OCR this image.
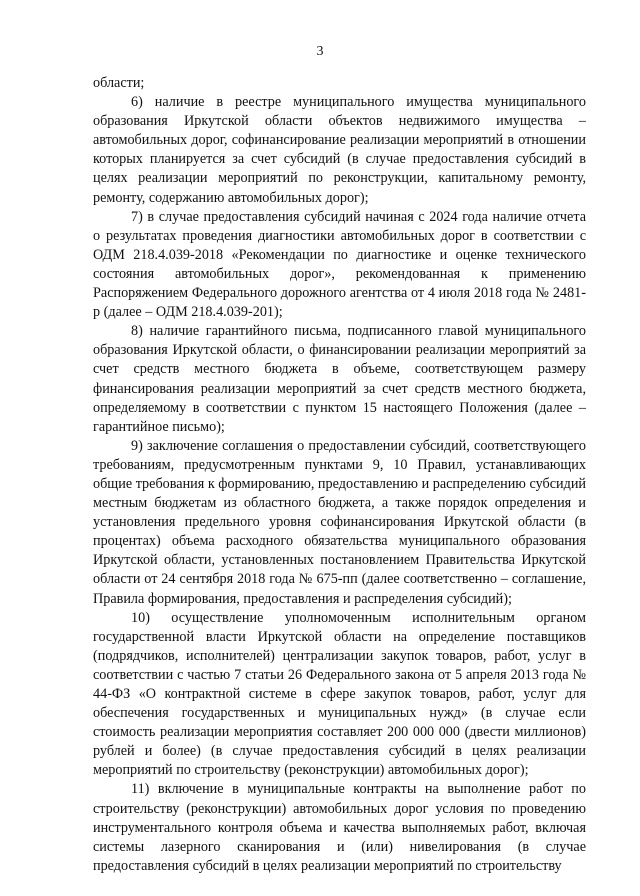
3

области;

6) наличие в реестре муниципального имущества муниципального образования Иркутской области объектов недвижимого имущества – автомобильных дорог, софинансирование реализации мероприятий в отношении которых планируется за счет субсидий (в случае предоставления субсидий в целях реализации мероприятий по реконструкции, капитальному ремонту, ремонту, содержанию автомобильных дорог);

7) в случае предоставления субсидий начиная с 2024 года наличие отчета о результатах проведения диагностики автомобильных дорог в соответствии с ОДМ 218.4.039-2018 «Рекомендации по диагностике и оценке технического состояния автомобильных дорог», рекомендованная к применению Распоряжением Федерального дорожного агентства от 4 июля 2018 года № 2481-р (далее – ОДМ 218.4.039-201);

8) наличие гарантийного письма, подписанного главой муниципального образования Иркутской области, о финансировании реализации мероприятий за счет средств местного бюджета в объеме, соответствующем размеру финансирования реализации мероприятий за счет средств местного бюджета, определяемому в соответствии с пунктом 15 настоящего Положения (далее – гарантийное письмо);

9) заключение соглашения о предоставлении субсидий, соответствующего требованиям, предусмотренным пунктами 9, 10 Правил, устанавливающих общие требования к формированию, предоставлению и распределению субсидий местным бюджетам из областного бюджета, а также порядок определения и установления предельного уровня софинансирования Иркутской области (в процентах) объема расходного обязательства муниципального образования Иркутской области, установленных постановлением Правительства Иркутской области от 24 сентября 2018 года № 675-пп (далее соответственно – соглашение, Правила формирования, предоставления и распределения субсидий);

10) осуществление уполномоченным исполнительным органом государственной власти Иркутской области на определение поставщиков (подрядчиков, исполнителей) централизации закупок товаров, работ, услуг в соответствии с частью 7 статьи 26 Федерального закона от 5 апреля 2013 года № 44-ФЗ «О контрактной системе в сфере закупок товаров, работ, услуг для обеспечения государственных и муниципальных нужд» (в случае если стоимость реализации мероприятия составляет 200 000 000 (двести миллионов) рублей и более) (в случае предоставления субсидий в целях реализации мероприятий по строительству (реконструкции) автомобильных дорог);

11) включение в муниципальные контракты на выполнение работ по строительству (реконструкции) автомобильных дорог условия по проведению инструментального контроля объема и качества выполняемых работ, включая системы лазерного сканирования и (или) нивелирования (в случае предоставления субсидий в целях реализации мероприятий по строительству
